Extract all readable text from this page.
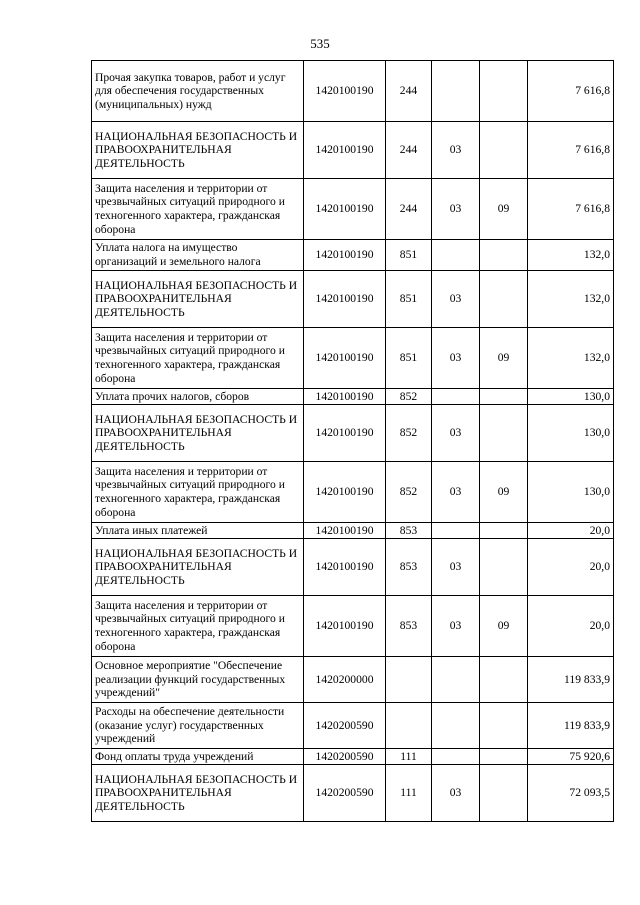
535
Прочая закупка товаров, работ и услуг для обеспечения государственных (муниципальных) нужд	1420100190	244			7 616,8
НАЦИОНАЛЬНАЯ БЕЗОПАСНОСТЬ И ПРАВООХРАНИТЕЛЬНАЯ ДЕЯТЕЛЬНОСТЬ	1420100190	244	03		7 616,8
Защита населения и территории от чрезвычайных ситуаций природного и техногенного характера, гражданская оборона	1420100190	244	03	09	7 616,8
Уплата налога на имущество организаций и земельного налога	1420100190	851			132,0
НАЦИОНАЛЬНАЯ БЕЗОПАСНОСТЬ И ПРАВООХРАНИТЕЛЬНАЯ ДЕЯТЕЛЬНОСТЬ	1420100190	851	03		132,0
Защита населения и территории от чрезвычайных ситуаций природного и техногенного характера, гражданская оборона	1420100190	851	03	09	132,0
Уплата прочих налогов, сборов	1420100190	852			130,0
НАЦИОНАЛЬНАЯ БЕЗОПАСНОСТЬ И ПРАВООХРАНИТЕЛЬНАЯ ДЕЯТЕЛЬНОСТЬ	1420100190	852	03		130,0
Защита населения и территории от чрезвычайных ситуаций природного и техногенного характера, гражданская оборона	1420100190	852	03	09	130,0
Уплата иных платежей	1420100190	853			20,0
НАЦИОНАЛЬНАЯ БЕЗОПАСНОСТЬ И ПРАВООХРАНИТЕЛЬНАЯ ДЕЯТЕЛЬНОСТЬ	1420100190	853	03		20,0
Защита населения и территории от чрезвычайных ситуаций природного и техногенного характера, гражданская оборона	1420100190	853	03	09	20,0
Основное мероприятие "Обеспечение реализации функций государственных учреждений"	1420200000				119 833,9
Расходы на обеспечение деятельности (оказание услуг) государственных учреждений	1420200590				119 833,9
Фонд оплаты труда учреждений	1420200590	111			75 920,6
НАЦИОНАЛЬНАЯ БЕЗОПАСНОСТЬ И ПРАВООХРАНИТЕЛЬНАЯ ДЕЯТЕЛЬНОСТЬ	1420200590	111	03		72 093,5
